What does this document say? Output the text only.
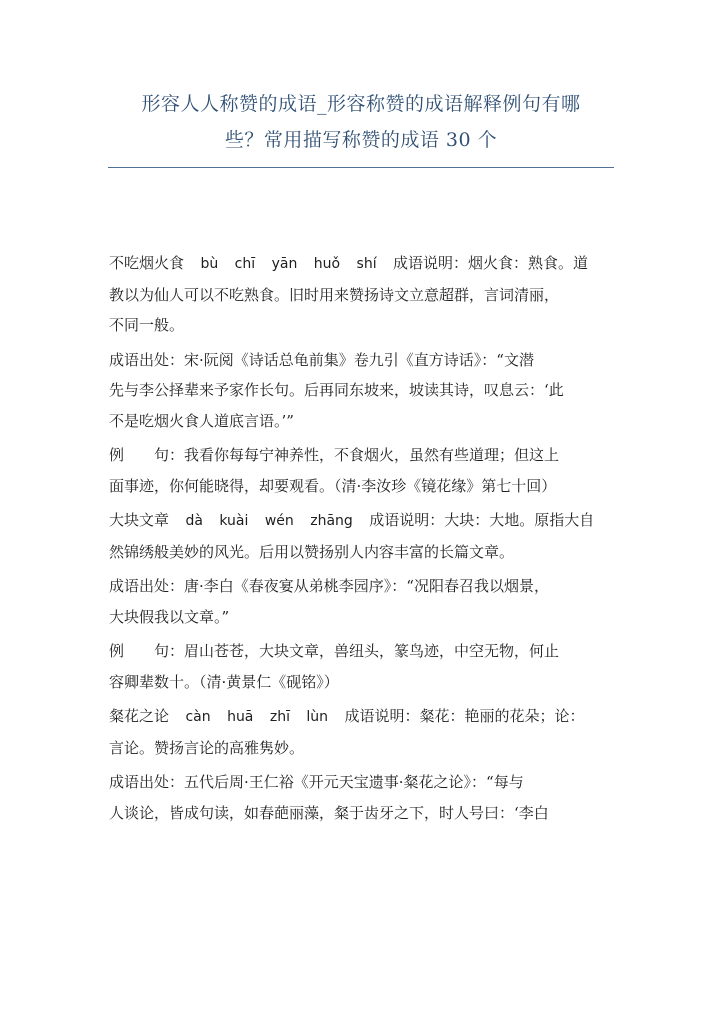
形容人人称赞的成语_形容称赞的成语解释例句有哪
些？常用描写称赞的成语 30 个
不吃烟火食 bù chī yān huǒ shí 成语说明：烟火食：熟食。道
教以为仙人可以不吃熟食。旧时用来赞扬诗文立意超群，言词清丽，
不同一般。
成语出处：宋·阮阅《诗话总龟前集》卷九引《直方诗话》：“文潜
先与李公择辈来予家作长句。后再同东坡来，坡读其诗，叹息云：‘此
不是吃烟火食人道底言语。’”
例 句：我看你每每宁神养性，不食烟火，虽然有些道理；但这上
面事迹，你何能晓得，却要观看。（清·李汝珍《镜花缘》第七十回）
大块文章 dà kuài wén zhāng 成语说明：大块：大地。原指大自
然锦绣般美妙的风光。后用以赞扬别人内容丰富的长篇文章。
成语出处：唐·李白《春夜宴从弟桃李园序》：“况阳春召我以烟景，
大块假我以文章。”
例 句：眉山苍苍，大块文章，兽纽头，篆鸟迹，中空无物，何止
容卿辈数十。（清·黄景仁《砚铭》）
粲花之论 càn huā zhī lùn 成语说明：粲花：艳丽的花朵；论：
言论。赞扬言论的高雅隽妙。
成语出处：五代后周·王仁裕《开元天宝遗事·粲花之论》：“每与
人谈论，皆成句读，如春葩丽藻，粲于齿牙之下，时人号曰：‘李白
